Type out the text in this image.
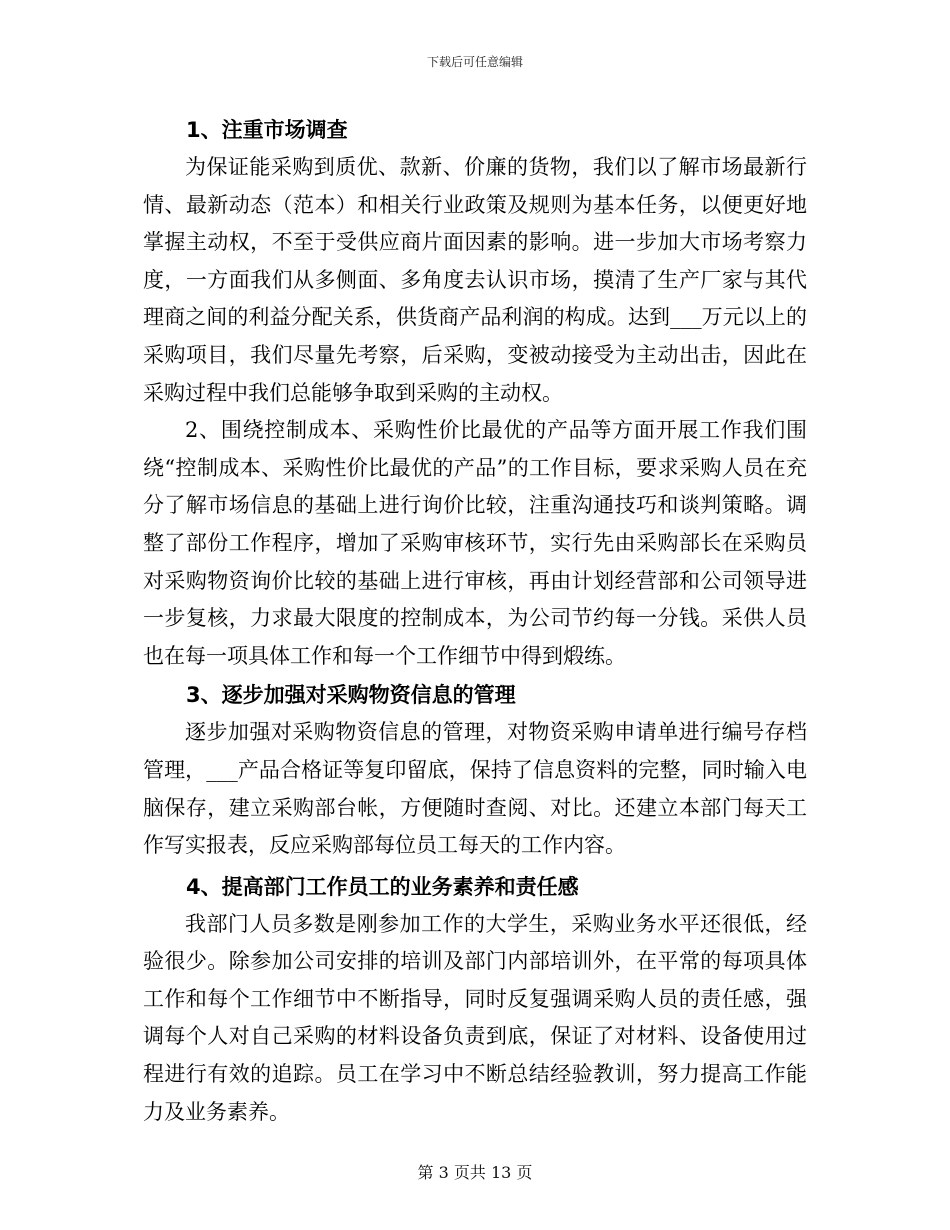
下载后可任意编辑
1、注重市场调查

为保证能采购到质优、款新、价廉的货物，我们以了解市场最新行情、最新动态（范本）和相关行业政策及规则为基本任务，以便更好地掌握主动权，不至于受供应商片面因素的影响。进一步加大市场考察力度，一方面我们从多侧面、多角度去认识市场，摸清了生产厂家与其代理商之间的利益分配关系，供货商产品利润的构成。达到___万元以上的采购项目，我们尽量先考察，后采购，变被动接受为主动出击，因此在采购过程中我们总能够争取到采购的主动权。

2、围绕控制成本、采购性价比最优的产品等方面开展工作我们围绕“控制成本、采购性价比最优的产品”的工作目标，要求采购人员在充分了解市场信息的基础上进行询价比较，注重沟通技巧和谈判策略。调整了部份工作程序，增加了采购审核环节，实行先由采购部长在采购员对采购物资询价比较的基础上进行审核，再由计划经营部和公司领导进一步复核，力求最大限度的控制成本，为公司节约每一分钱。采供人员也在每一项具体工作和每一个工作细节中得到煅练。

3、逐步加强对采购物资信息的管理

逐步加强对采购物资信息的管理，对物资采购申请单进行编号存档管理，___产品合格证等复印留底，保持了信息资料的完整，同时输入电脑保存，建立采购部台帐，方便随时查阅、对比。还建立本部门每天工作写实报表，反应采购部每位员工每天的工作内容。

4、提高部门工作员工的业务素养和责任感

我部门人员多数是刚参加工作的大学生，采购业务水平还很低，经验很少。除参加公司安排的培训及部门内部培训外，在平常的每项具体工作和每个工作细节中不断指导，同时反复强调采购人员的责任感，强调每个人对自己采购的材料设备负责到底，保证了对材料、设备使用过程进行有效的追踪。员工在学习中不断总结经验教训，努力提高工作能力及业务素养。

第 3 页共 13 页
